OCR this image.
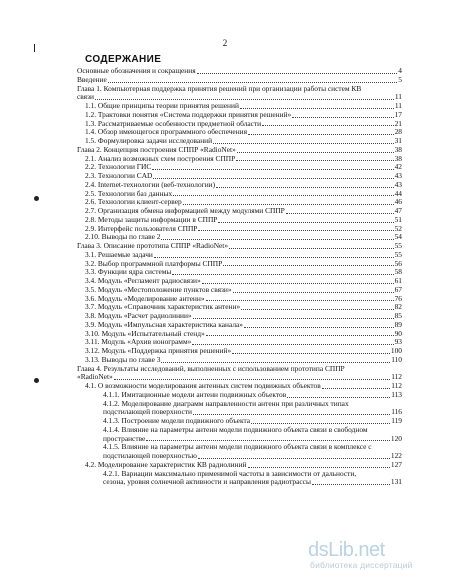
2
СОДЕРЖАНИЕ
Основные обозначения и сокращения	4
Введение	5
Глава 1. Компьютерная поддержка принятия решений при организации работы систем КВ
связи	11
1.1. Общие принципы теории принятия решений	11
1.2. Трактовки понятия «Система поддержки принятия решений»	17
1.3. Рассматриваемые особенности предметной области	21
1.4. Обзор имеющегося программного обеспечения	28
1.5. Формулировка задачи исследований	31
Глава 2. Концепция построения СППР «RadioNet»	38
2.1. Анализ возможных схем построения СППР	38
2.2. Технологии ГИС	42
2.3. Технологии CAD	43
2.4. Internet-технологии (веб-технологии)	43
2.5. Технологии баз данных	44
2.6. Технологии клиент-сервер	46
2.7. Организация обмена информацией между модулями СППР	47
2.8. Методы защиты информации в СППР	51
2.9. Интерфейс пользователя СППР	52
2.10. Выводы по главе 2	54
Глава 3. Описание прототипа СППР «RadioNet»	55
3.1. Решаемые задачи	55
3.2. Выбор программной платформы СППР	56
3.3. Функции ядра системы	58
3.4. Модуль «Регламент радиосвязи»	61
3.5. Модуль «Местоположение пунктов связи»	67
3.6. Модуль «Моделирование антенн»	76
3.7. Модуль «Справочник характеристик антенн»	82
3.8. Модуль «Расчет радиолинии»	85
3.9. Модуль «Импульсная характеристика канала»	89
3.10. Модуль «Испытательный стенд»	90
3.11. Модуль «Архив ионограмм»	93
3.12. Модуль «Поддержка принятия решений»	100
3.13. Выводы по главе 3	110
Глава 4. Результаты исследований, выполненных с использованием прототипа СППР
«RadioNet»	112
4.1. О возможности моделирования антенных систем подвижных объектов	112
4.1.1. Имитационные модели антенн подвижных объектов	113
4.1.2. Моделирование диаграмм направленности антенн при различных типах
подстилающей поверхности	116
4.1.3. Построение модели подвижного объекта	119
4.1.4. Влияние на параметры антенн модели подвижного объекта связи в свободном
пространстве	120
4.1.5. Влияние на параметры антенн модели подвижного объекта связи в комплексе с
подстилающей поверхностью	122
4.2. Моделирование характеристик КВ радиолиний	127
4.2.1. Вариации максимально применимой частоты в зависимости от дальности,
сезона, уровня солнечной активности и направления радиотрассы	131
dsLib.net
библиотека диссертаций
